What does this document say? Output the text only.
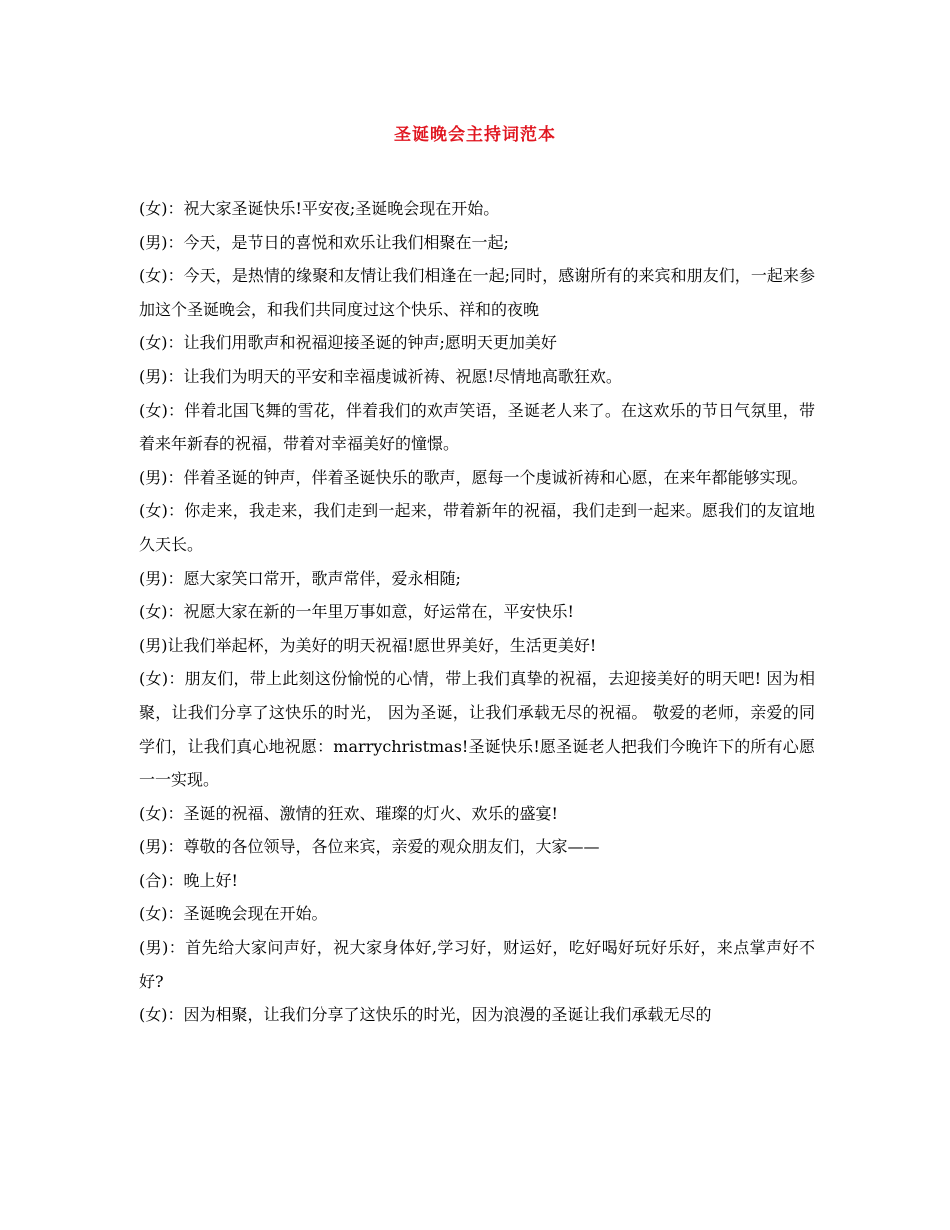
圣诞晚会主持词范本

(女)：祝大家圣诞快乐!平安夜;圣诞晚会现在开始。

(男)：今天，是节日的喜悦和欢乐让我们相聚在一起;

(女)：今天，是热情的缘聚和友情让我们相逢在一起;同时，感谢所有的来宾和朋友们，一起来参加这个圣诞晚会，和我们共同度过这个快乐、祥和的夜晚

(女)：让我们用歌声和祝福迎接圣诞的钟声;愿明天更加美好

(男)：让我们为明天的平安和幸福虔诚祈祷、祝愿!尽情地高歌狂欢。

(女)：伴着北国飞舞的雪花，伴着我们的欢声笑语，圣诞老人来了。在这欢乐的节日气氛里，带着来年新春的祝福，带着对幸福美好的憧憬。

(男)：伴着圣诞的钟声，伴着圣诞快乐的歌声，愿每一个虔诚祈祷和心愿，在来年都能够实现。

(女)：你走来，我走来，我们走到一起来，带着新年的祝福，我们走到一起来。愿我们的友谊地久天长。

(男)：愿大家笑口常开，歌声常伴，爱永相随;

(女)：祝愿大家在新的一年里万事如意，好运常在，平安快乐!

(男)让我们举起杯，为美好的明天祝福!愿世界美好，生活更美好!

(女)：朋友们，带上此刻这份愉悦的心情，带上我们真挚的祝福，去迎接美好的明天吧! 因为相聚，让我们分享了这快乐的时光， 因为圣诞，让我们承载无尽的祝福。 敬爱的老师，亲爱的同学们，让我们真心地祝愿：marrychristmas!圣诞快乐!愿圣诞老人把我们今晚许下的所有心愿一一实现。

(女)：圣诞的祝福、激情的狂欢、璀璨的灯火、欢乐的盛宴!

(男)：尊敬的各位领导，各位来宾，亲爱的观众朋友们，大家——

(合)：晚上好!

(女)：圣诞晚会现在开始。

(男)：首先给大家问声好，祝大家身体好,学习好，财运好，吃好喝好玩好乐好，来点掌声好不好?

(女)：因为相聚，让我们分享了这快乐的时光，因为浪漫的圣诞让我们承载无尽的
